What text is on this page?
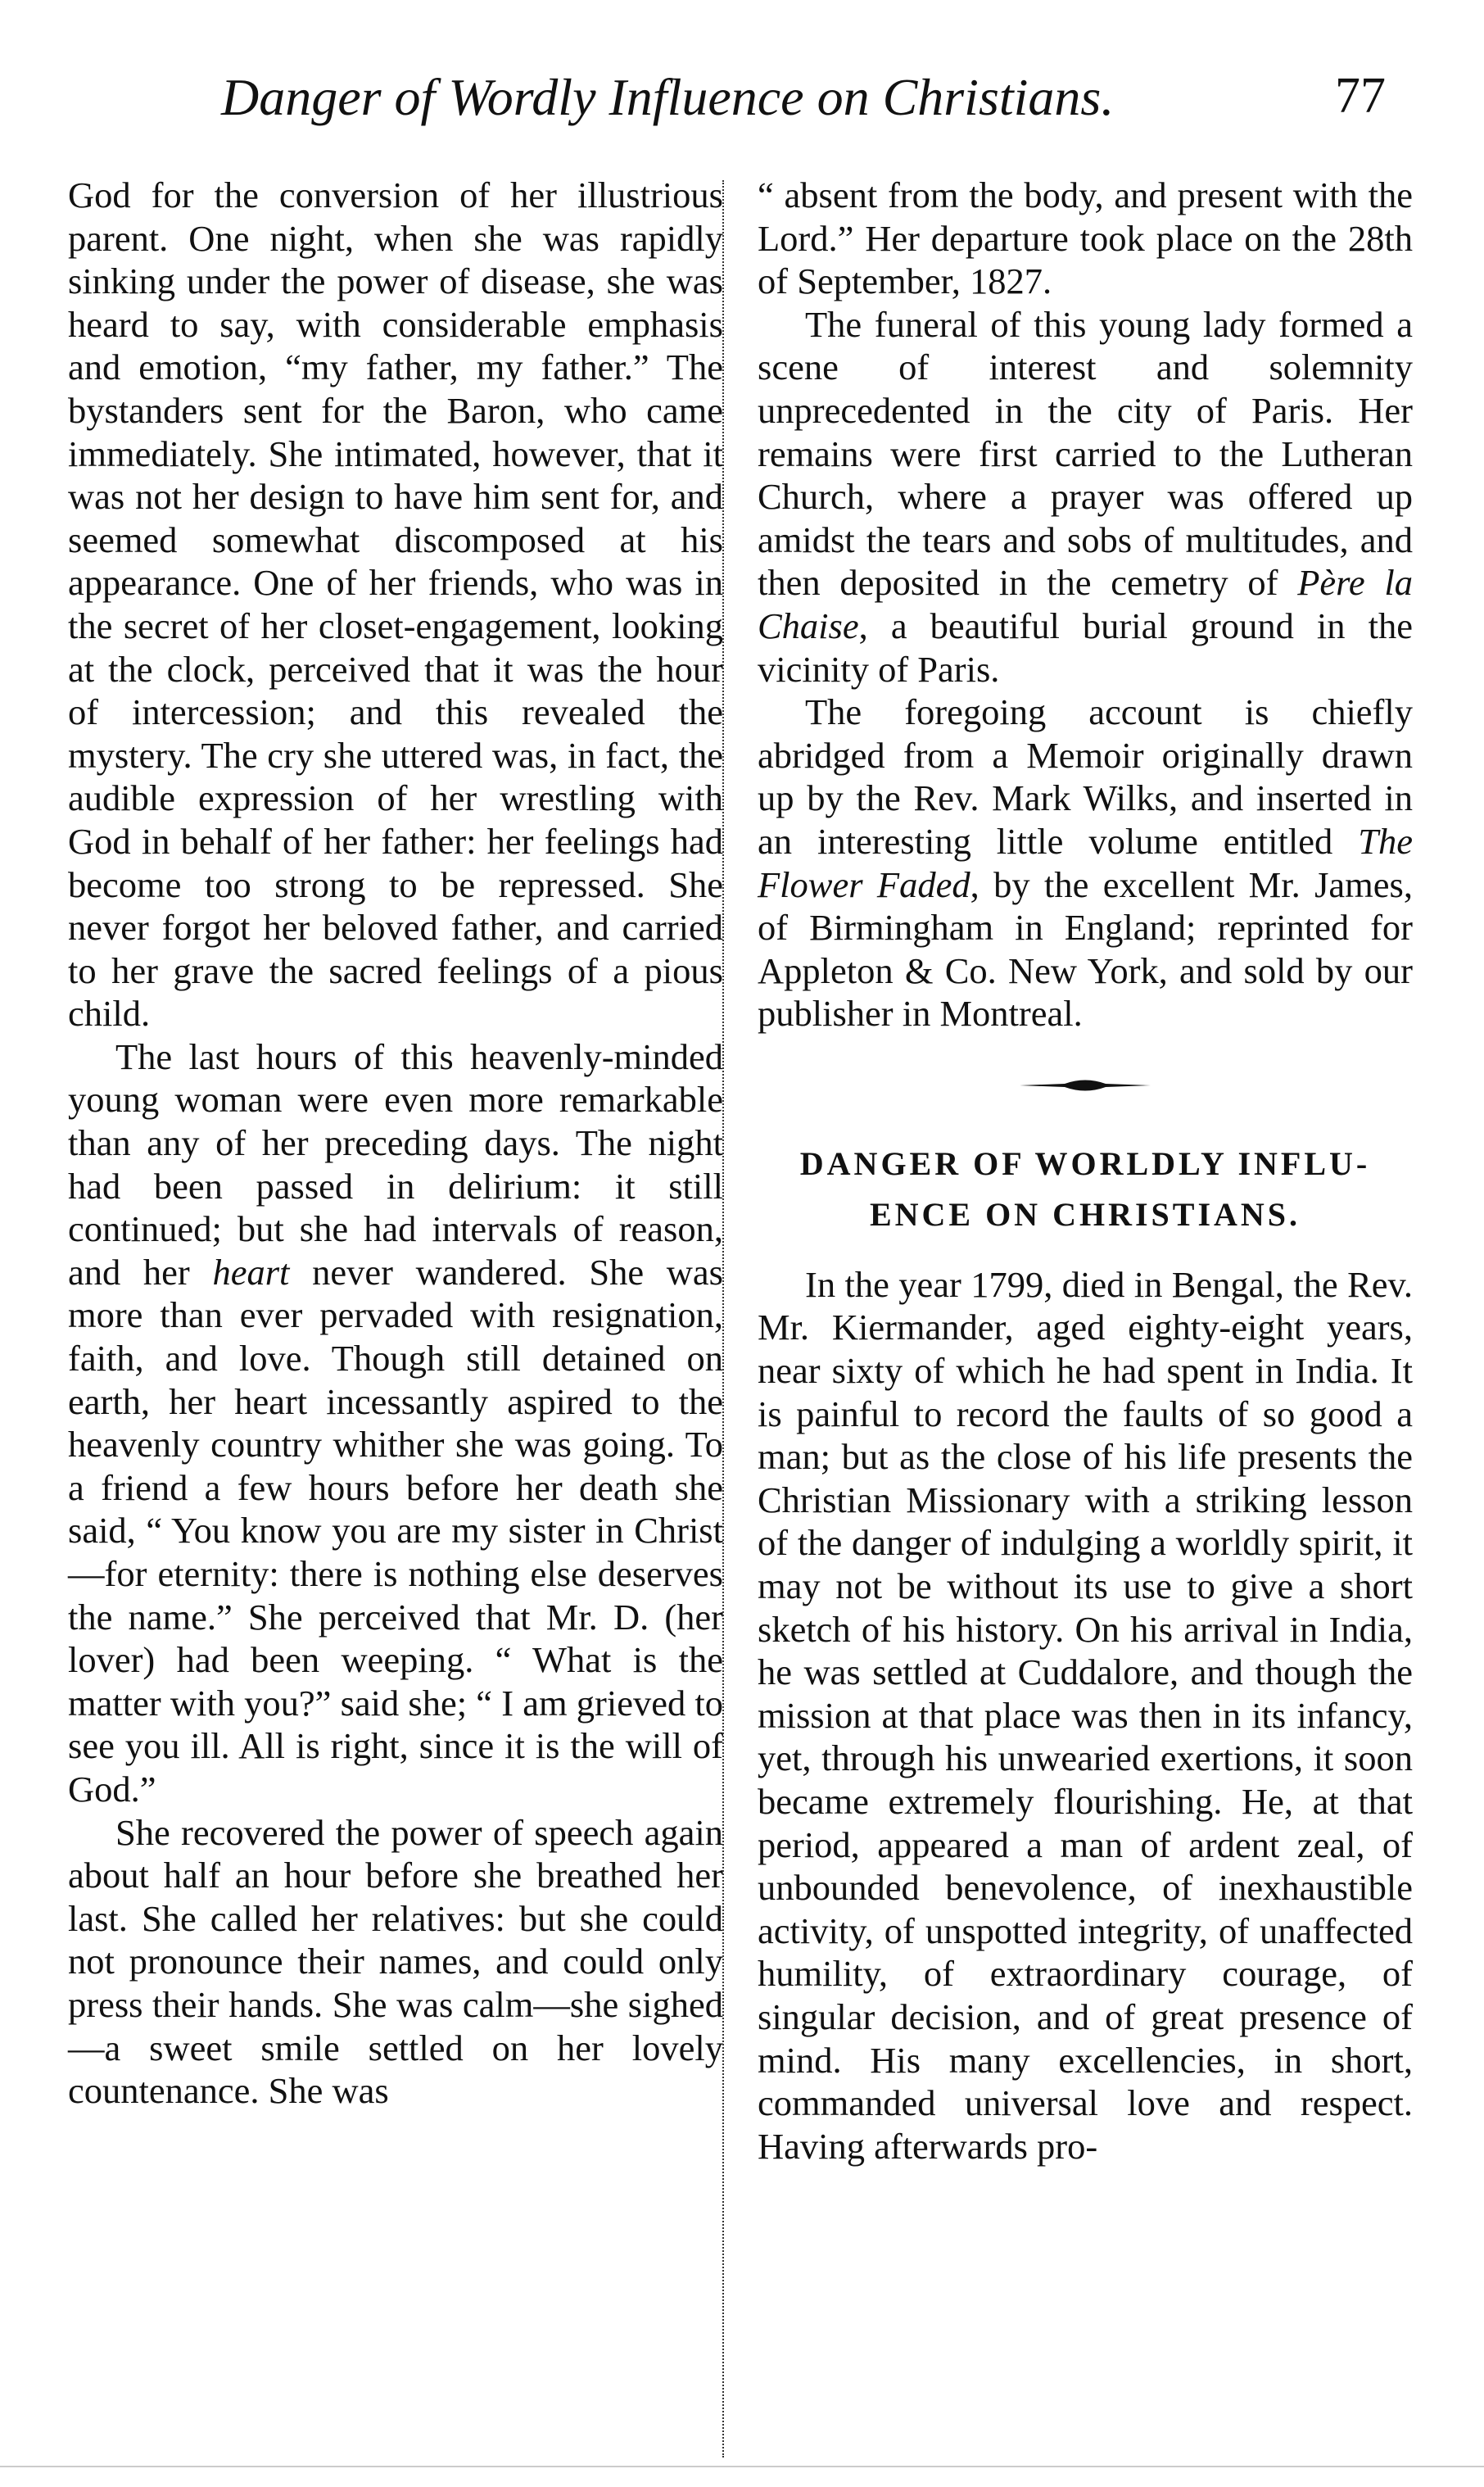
Danger of Wordly Influence on Christians.	77

God for the conversion of her illustrious parent. One night, when she was rapidly sinking under the power of disease, she was heard to say, with considerable emphasis and emotion, “my father, my father.” The bystanders sent for the Baron, who came immediately. She intimated, however, that it was not her design to have him sent for, and seemed somewhat discomposed at his appearance. One of her friends, who was in the secret of her closet-engagement, looking at the clock, perceived that it was the hour of intercession; and this revealed the mystery. The cry she uttered was, in fact, the audible expression of her wrestling with God in behalf of her father: her feelings had become too strong to be repressed. She never forgot her beloved father, and carried to her grave the sacred feelings of a pious child.

The last hours of this heavenly-minded young woman were even more remarkable than any of her preceding days. The night had been passed in delirium: it still continued; but she had intervals of reason, and her heart never wandered. She was more than ever pervaded with resignation, faith, and love. Though still detained on earth, her heart incessantly aspired to the heavenly country whither she was going. To a friend a few hours before her death she said, “ You know you are my sister in Christ—for eternity: there is nothing else deserves the name.” She perceived that Mr. D. (her lover) had been weeping. “ What is the matter with you?” said she; “ I am grieved to see you ill. All is right, since it is the will of God.”

She recovered the power of speech again about half an hour before she breathed her last. She called her relatives: but she could not pronounce their names, and could only press their hands. She was calm—she sighed—a sweet smile settled on her lovely countenance. She was

“ absent from the body, and present with the Lord.” Her departure took place on the 28th of September, 1827.

The funeral of this young lady formed a scene of interest and solemnity unprecedented in the city of Paris. Her remains were first carried to the Lutheran Church, where a prayer was offered up amidst the tears and sobs of multitudes, and then deposited in the cemetry of Père la Chaise, a beautiful burial ground in the vicinity of Paris.

The foregoing account is chiefly abridged from a Memoir originally drawn up by the Rev. Mark Wilks, and inserted in an interesting little volume entitled The Flower Faded, by the excellent Mr. James, of Birmingham in England; reprinted for Appleton & Co. New York, and sold by our publisher in Montreal.

DANGER OF WORLDLY INFLU-
ENCE ON CHRISTIANS.

In the year 1799, died in Bengal, the Rev. Mr. Kiermander, aged eighty-eight years, near sixty of which he had spent in India. It is painful to record the faults of so good a man; but as the close of his life presents the Christian Missionary with a striking lesson of the danger of indulging a worldly spirit, it may not be without its use to give a short sketch of his history. On his arrival in India, he was settled at Cuddalore, and though the mission at that place was then in its infancy, yet, through his unwearied exertions, it soon became extremely flourishing. He, at that period, appeared a man of ardent zeal, of unbounded benevolence, of inexhaustible activity, of unspotted integrity, of unaffected humility, of extraordinary courage, of singular decision, and of great presence of mind. His many excellencies, in short, commanded universal love and respect. Having afterwards pro-
